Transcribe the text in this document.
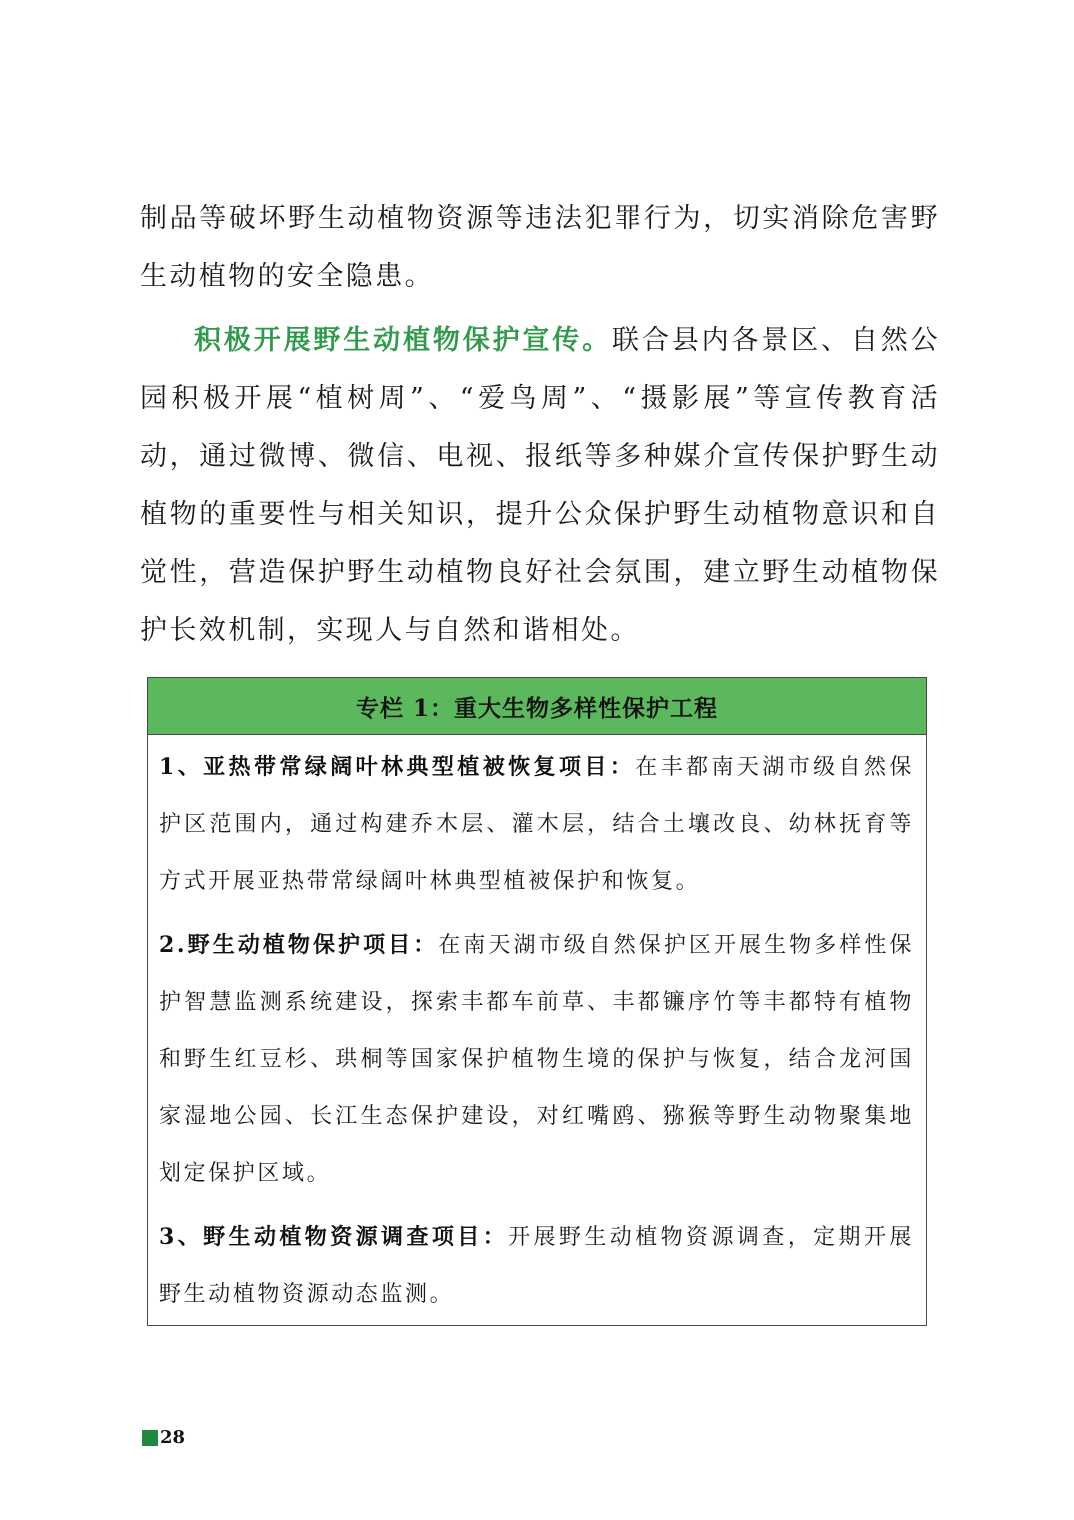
制品等破坏野生动植物资源等违法犯罪行为，切实消除危害野生动植物的安全隐患。

积极开展野生动植物保护宣传。联合县内各景区、自然公园积极开展“植树周”、“爱鸟周”、“摄影展”等宣传教育活动，通过微博、微信、电视、报纸等多种媒介宣传保护野生动植物的重要性与相关知识，提升公众保护野生动植物意识和自觉性，营造保护野生动植物良好社会氛围，建立野生动植物保护长效机制，实现人与自然和谐相处。

专栏 1：重大生物多样性保护工程

1、亚热带常绿阔叶林典型植被恢复项目：在丰都南天湖市级自然保护区范围内，通过构建乔木层、灌木层，结合土壤改良、幼林抚育等方式开展亚热带常绿阔叶林典型植被保护和恢复。

2.野生动植物保护项目：在南天湖市级自然保护区开展生物多样性保护智慧监测系统建设，探索丰都车前草、丰都镰序竹等丰都特有植物和野生红豆杉、珙桐等国家保护植物生境的保护与恢复，结合龙河国家湿地公园、长江生态保护建设，对红嘴鸥、猕猴等野生动物聚集地划定保护区域。

3、野生动植物资源调查项目：开展野生动植物资源调查，定期开展野生动植物资源动态监测。

28
